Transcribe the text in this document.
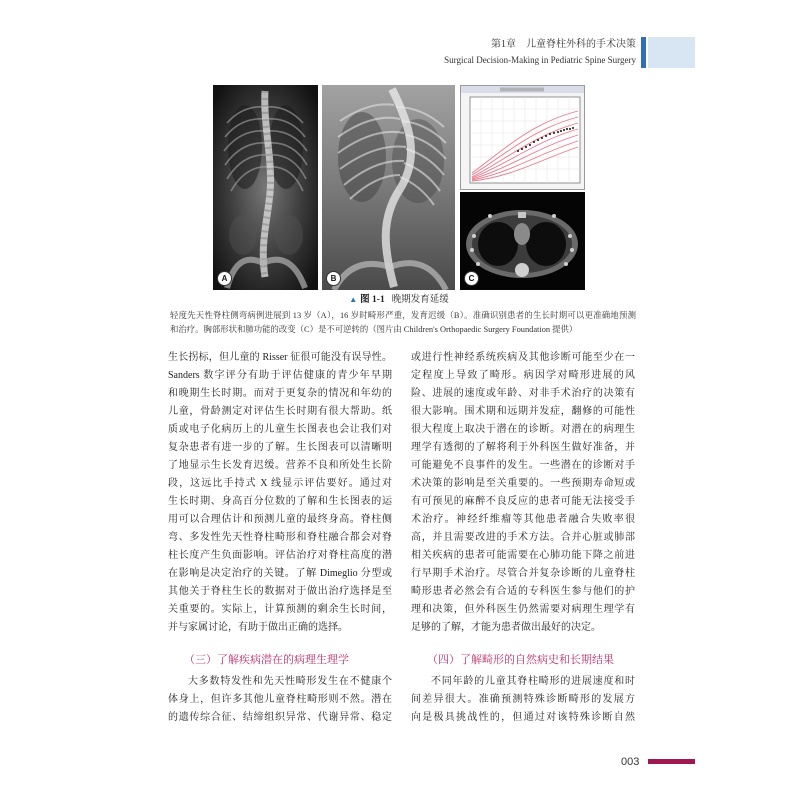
第1章　儿童脊柱外科的手术决策
Surgical Decision-Making in Pediatric Spine Surgery
A	B	C
▲ 图 1-1 晚期发育延缓
轻度先天性脊柱侧弯病例进展到 13 岁（A），16 岁时畸形严重，发育迟缓（B）。准确识别患者的生长时期可以更准确地预测
和治疗。胸部形状和肺功能的改变（C）是不可逆转的（图片由 Children's Orthopaedic Surgery Foundation 提供）
生长拐标，但儿童的 Risser 征很可能没有误导性。
Sanders 数字评分有助于评估健康的青少年早期
和晚期生长时期。而对于更复杂的情况和年幼的
儿童，骨龄测定对评估生长时期有很大帮助。纸
质或电子化病历上的儿童生长图表也会让我们对
复杂患者有进一步的了解。生长图表可以清晰明
了地显示生长发育迟缓。营养不良和所处生长阶
段，这远比手持式 X 线显示评估要好。通过对
生长时期、身高百分位数的了解和生长图表的运
用可以合理估计和预测儿童的最终身高。脊柱侧
弯、多发性先天性脊柱畸形和脊柱融合都会对脊
柱长度产生负面影响。评估治疗对脊柱高度的潜
在影响是决定治疗的关键。了解 Dimeglio 分型或
其他关于脊柱生长的数据对于做出治疗选择是至
关重要的。实际上，计算预测的剩余生长时间，
并与家属讨论，有助于做出正确的选择。
（三）了解疾病潜在的病理生理学
大多数特发性和先天性畸形发生在不健康个
体身上，但许多其他儿童脊柱畸形则不然。潜在
的遗传综合征、结缔组织异常、代谢异常、稳定
或进行性神经系统疾病及其他诊断可能至少在一
定程度上导致了畸形。病因学对畸形进展的风
险、进展的速度或年龄、对非手术治疗的决策有
很大影响。围术期和远期并发症，翻修的可能性
很大程度上取决于潜在的诊断。对潜在的病理生
理学有透彻的了解将利于外科医生做好准备，并
可能避免不良事件的发生。一些潜在的诊断对手
术决策的影响是至关重要的。一些预期寿命短或
有可预见的麻醉不良反应的患者可能无法接受手
术治疗。神经纤维瘤等其他患者融合失败率很
高，并且需要改进的手术方法。合并心脏或肺部
相关疾病的患者可能需要在心肺功能下降之前进
行早期手术治疗。尽管合并复杂诊断的儿童脊柱
畸形患者必然会有合适的专科医生参与他们的护
理和决策，但外科医生仍然需要对病理生理学有
足够的了解，才能为患者做出最好的决定。
（四）了解畸形的自然病史和长期结果
不同年龄的儿童其脊柱畸形的进展速度和时
间差异很大。准确预测特殊诊断畸形的发展方
向是极具挑战性的，但通过对该特殊诊断自然
003
